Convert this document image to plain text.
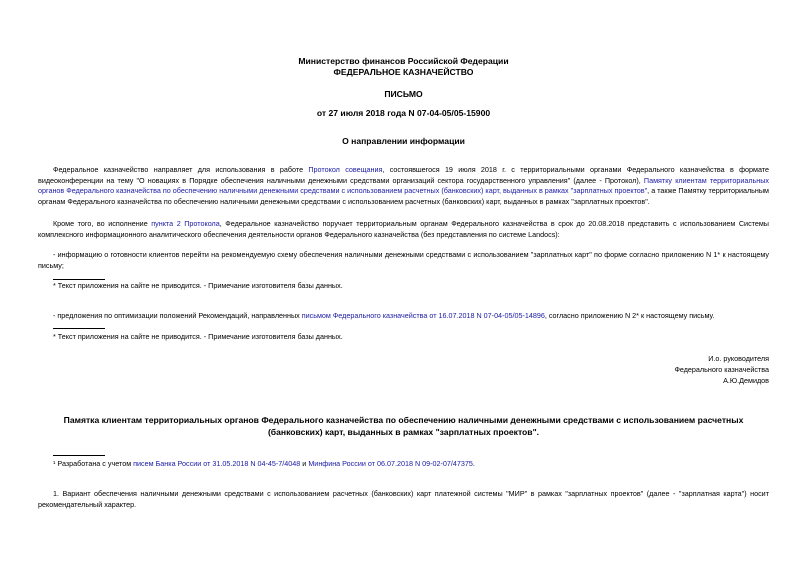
Министерство финансов Российской Федерации
ФЕДЕРАЛЬНОЕ КАЗНАЧЕЙСТВО
ПИСЬМО
от 27 июля 2018 года N 07-04-05/05-15900
О направлении информации
Федеральное казначейство направляет для использования в работе Протокол совещания, состоявшегося 19 июля 2018 г. с территориальными органами Федерального казначейства в формате видеоконференции на тему "О новациях в Порядке обеспечения наличными денежными средствами организаций сектора государственного управления" (далее - Протокол), Памятку клиентам территориальных органов Федерального казначейства по обеспечению наличными денежными средствами с использованием расчетных (банковских) карт, выданных в рамках "зарплатных проектов", а также Памятку территориальным органам Федерального казначейства по обеспечению наличными денежными средствами с использованием расчетных (банковских) карт, выданных в рамках "зарплатных проектов".
Кроме того, во исполнение пункта 2 Протокола, Федеральное казначейство поручает территориальным органам Федерального казначейства в срок до 20.08.2018 представить с использованием Системы комплексного информационного аналитического обеспечения деятельности органов Федерального казначейства (без представления по системе Landocs):
- информацию о готовности клиентов перейти на рекомендуемую схему обеспечения наличными денежными средствами с использованием "зарплатных карт" по форме согласно приложению N 1* к настоящему письму;
* Текст приложения на сайте не приводится. - Примечание изготовителя базы данных.
- предложения по оптимизации положений Рекомендаций, направленных письмом Федерального казначейства от 16.07.2018 N 07-04-05/05-14896, согласно приложению N 2* к настоящему письму.
* Текст приложения на сайте не приводится. - Примечание изготовителя базы данных.
И.о. руководителя
Федерального казначейства
А.Ю.Демидов
Памятка клиентам территориальных органов Федерального казначейства по обеспечению наличными денежными средствами с использованием расчетных
(банковских) карт, выданных в рамках "зарплатных проектов".
¹ Разработана с учетом писем Банка России от 31.05.2018 N 04-45-7/4048 и Минфина России от 06.07.2018 N 09-02-07/47375.
1. Вариант обеспечения наличными денежными средствами с использованием расчетных (банковских) карт платежной системы "МИР" в рамках "зарплатных проектов" (далее - "зарплатная карта") носит рекомендательный характер.
